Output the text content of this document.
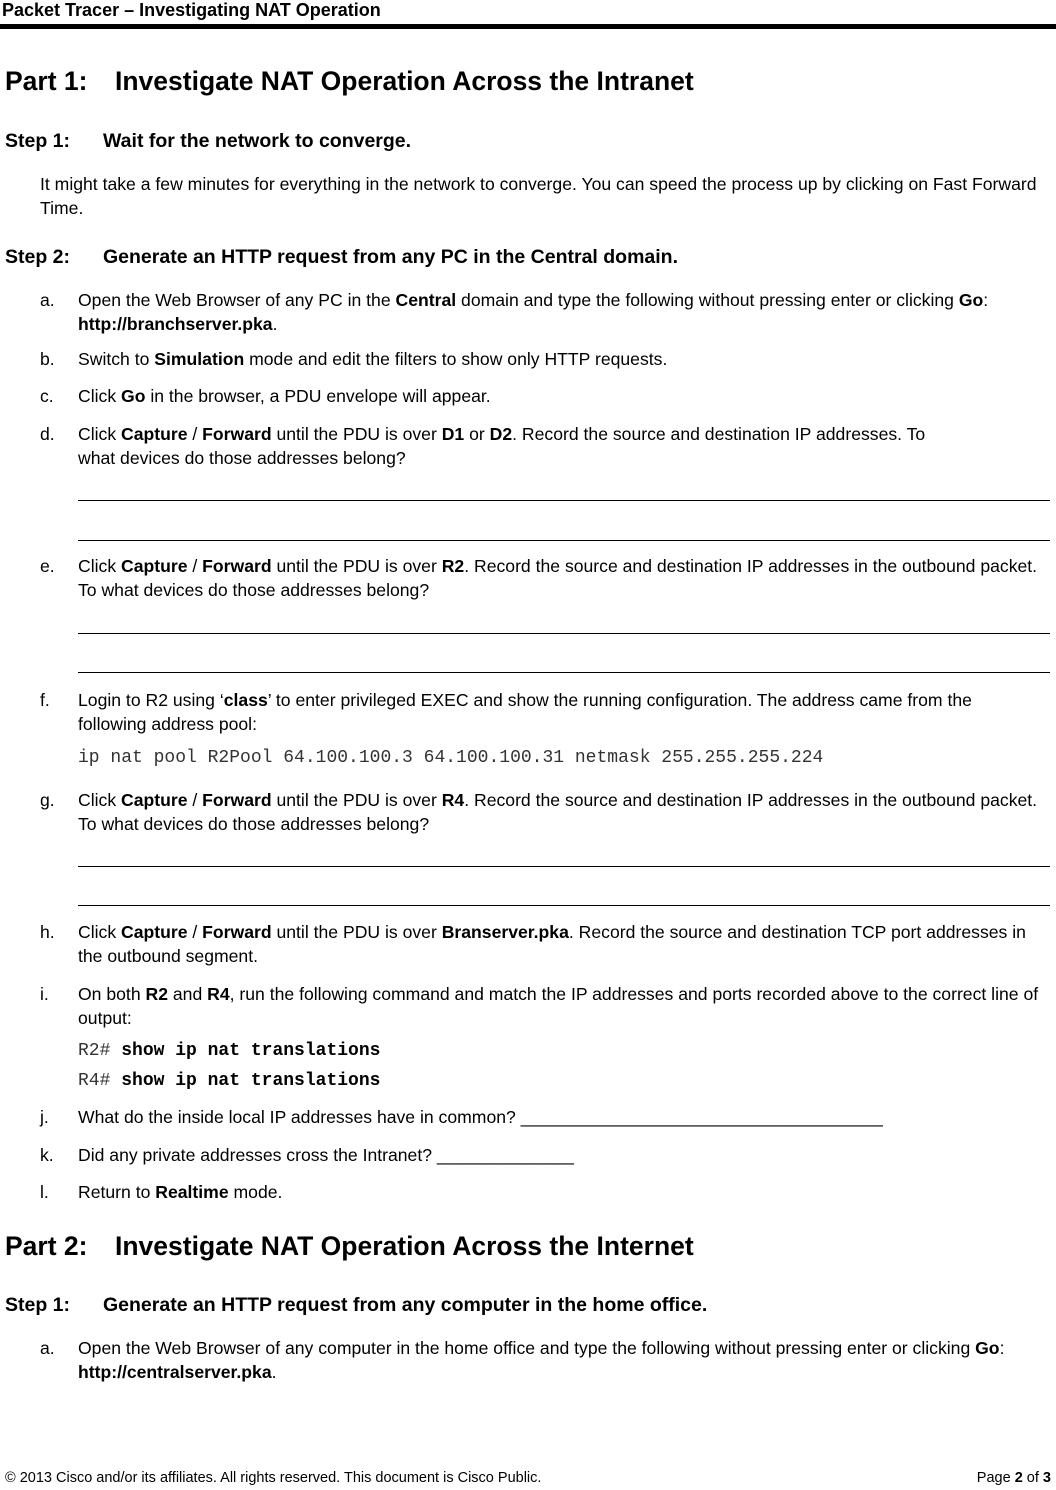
Packet Tracer – Investigating NAT Operation
Part 1: Investigate NAT Operation Across the Intranet
Step 1: Wait for the network to converge.
It might take a few minutes for everything in the network to converge. You can speed the process up by clicking on Fast Forward Time.
Step 2: Generate an HTTP request from any PC in the Central domain.
a. Open the Web Browser of any PC in the Central domain and type the following without pressing enter or clicking Go: http://branchserver.pka.
b. Switch to Simulation mode and edit the filters to show only HTTP requests.
c. Click Go in the browser, a PDU envelope will appear.
d. Click Capture / Forward until the PDU is over D1 or D2. Record the source and destination IP addresses. To what devices do those addresses belong?
e. Click Capture / Forward until the PDU is over R2. Record the source and destination IP addresses in the outbound packet. To what devices do those addresses belong?
f. Login to R2 using ‘class’ to enter privileged EXEC and show the running configuration. The address came from the following address pool:
ip nat pool R2Pool 64.100.100.3 64.100.100.31 netmask 255.255.255.224
g. Click Capture / Forward until the PDU is over R4. Record the source and destination IP addresses in the outbound packet. To what devices do those addresses belong?
h. Click Capture / Forward until the PDU is over Branserver.pka. Record the source and destination TCP port addresses in the outbound segment.
i. On both R2 and R4, run the following command and match the IP addresses and ports recorded above to the correct line of output:
R2# show ip nat translations
R4# show ip nat translations
j. What do the inside local IP addresses have in common? _____________________________________
k. Did any private addresses cross the Intranet? ______________
l. Return to Realtime mode.
Part 2: Investigate NAT Operation Across the Internet
Step 1: Generate an HTTP request from any computer in the home office.
a. Open the Web Browser of any computer in the home office and type the following without pressing enter or clicking Go: http://centralserver.pka.
© 2013 Cisco and/or its affiliates. All rights reserved. This document is Cisco Public.	Page 2 of 3
